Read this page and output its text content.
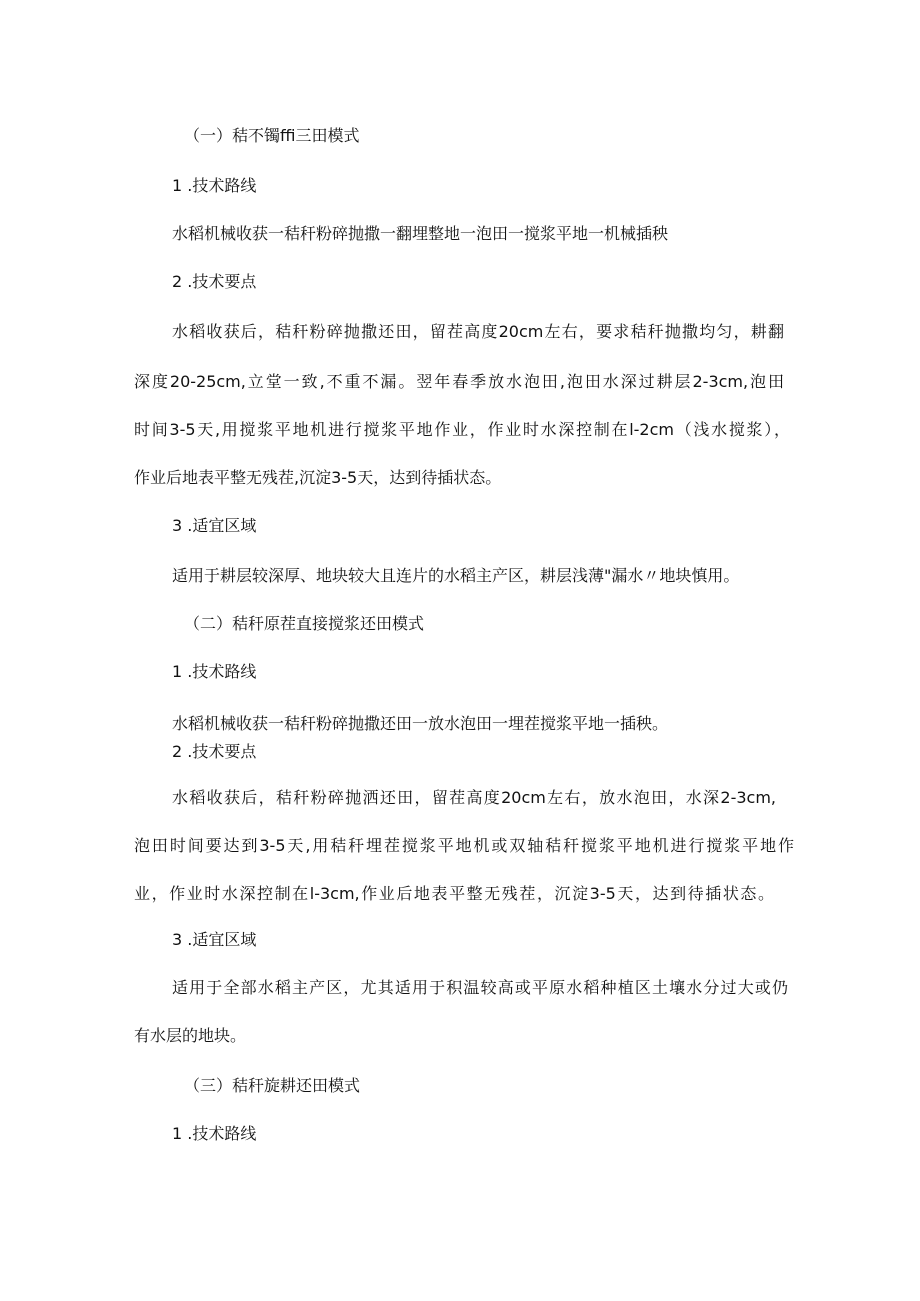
（一）秸不镯ffi三田模式
1 .技术路线
水稻机械收获一秸秆粉碎抛撒一翻埋整地一泡田一搅浆平地一机械插秧
2 .技术要点
水稻收获后，秸秆粉碎抛撒还田，留茬高度20cm左右，要求秸秆抛撒均匀，耕翻
深度20-25cm,立堂一致,不重不漏。翌年春季放水泡田,泡田水深过耕层2-3cm,泡田
时间3-5天,用搅浆平地机进行搅浆平地作业，作业时水深控制在l-2cm（浅水搅浆），
作业后地表平整无残茬,沉淀3-5天，达到待插状态。
3 .适宜区域
适用于耕层较深厚、地块较大且连片的水稻主产区，耕层浅薄"漏水〃地块慎用。
（二）秸秆原茬直接搅浆还田模式
1 .技术路线
水稻机械收获一秸秆粉碎抛撒还田一放水泡田一埋茬搅浆平地一插秧。
2 .技术要点
水稻收获后，秸秆粉碎抛洒还田，留茬高度20cm左右，放水泡田，水深2-3cm,
泡田时间要达到3-5天,用秸秆埋茬搅浆平地机或双轴秸秆搅浆平地机进行搅浆平地作
业，作业时水深控制在l-3cm,作业后地表平整无残茬，沉淀3-5天，达到待插状态。
3 .适宜区域
适用于全部水稻主产区，尤其适用于积温较高或平原水稻种植区土壤水分过大或仍
有水层的地块。
（三）秸秆旋耕还田模式
1 .技术路线
